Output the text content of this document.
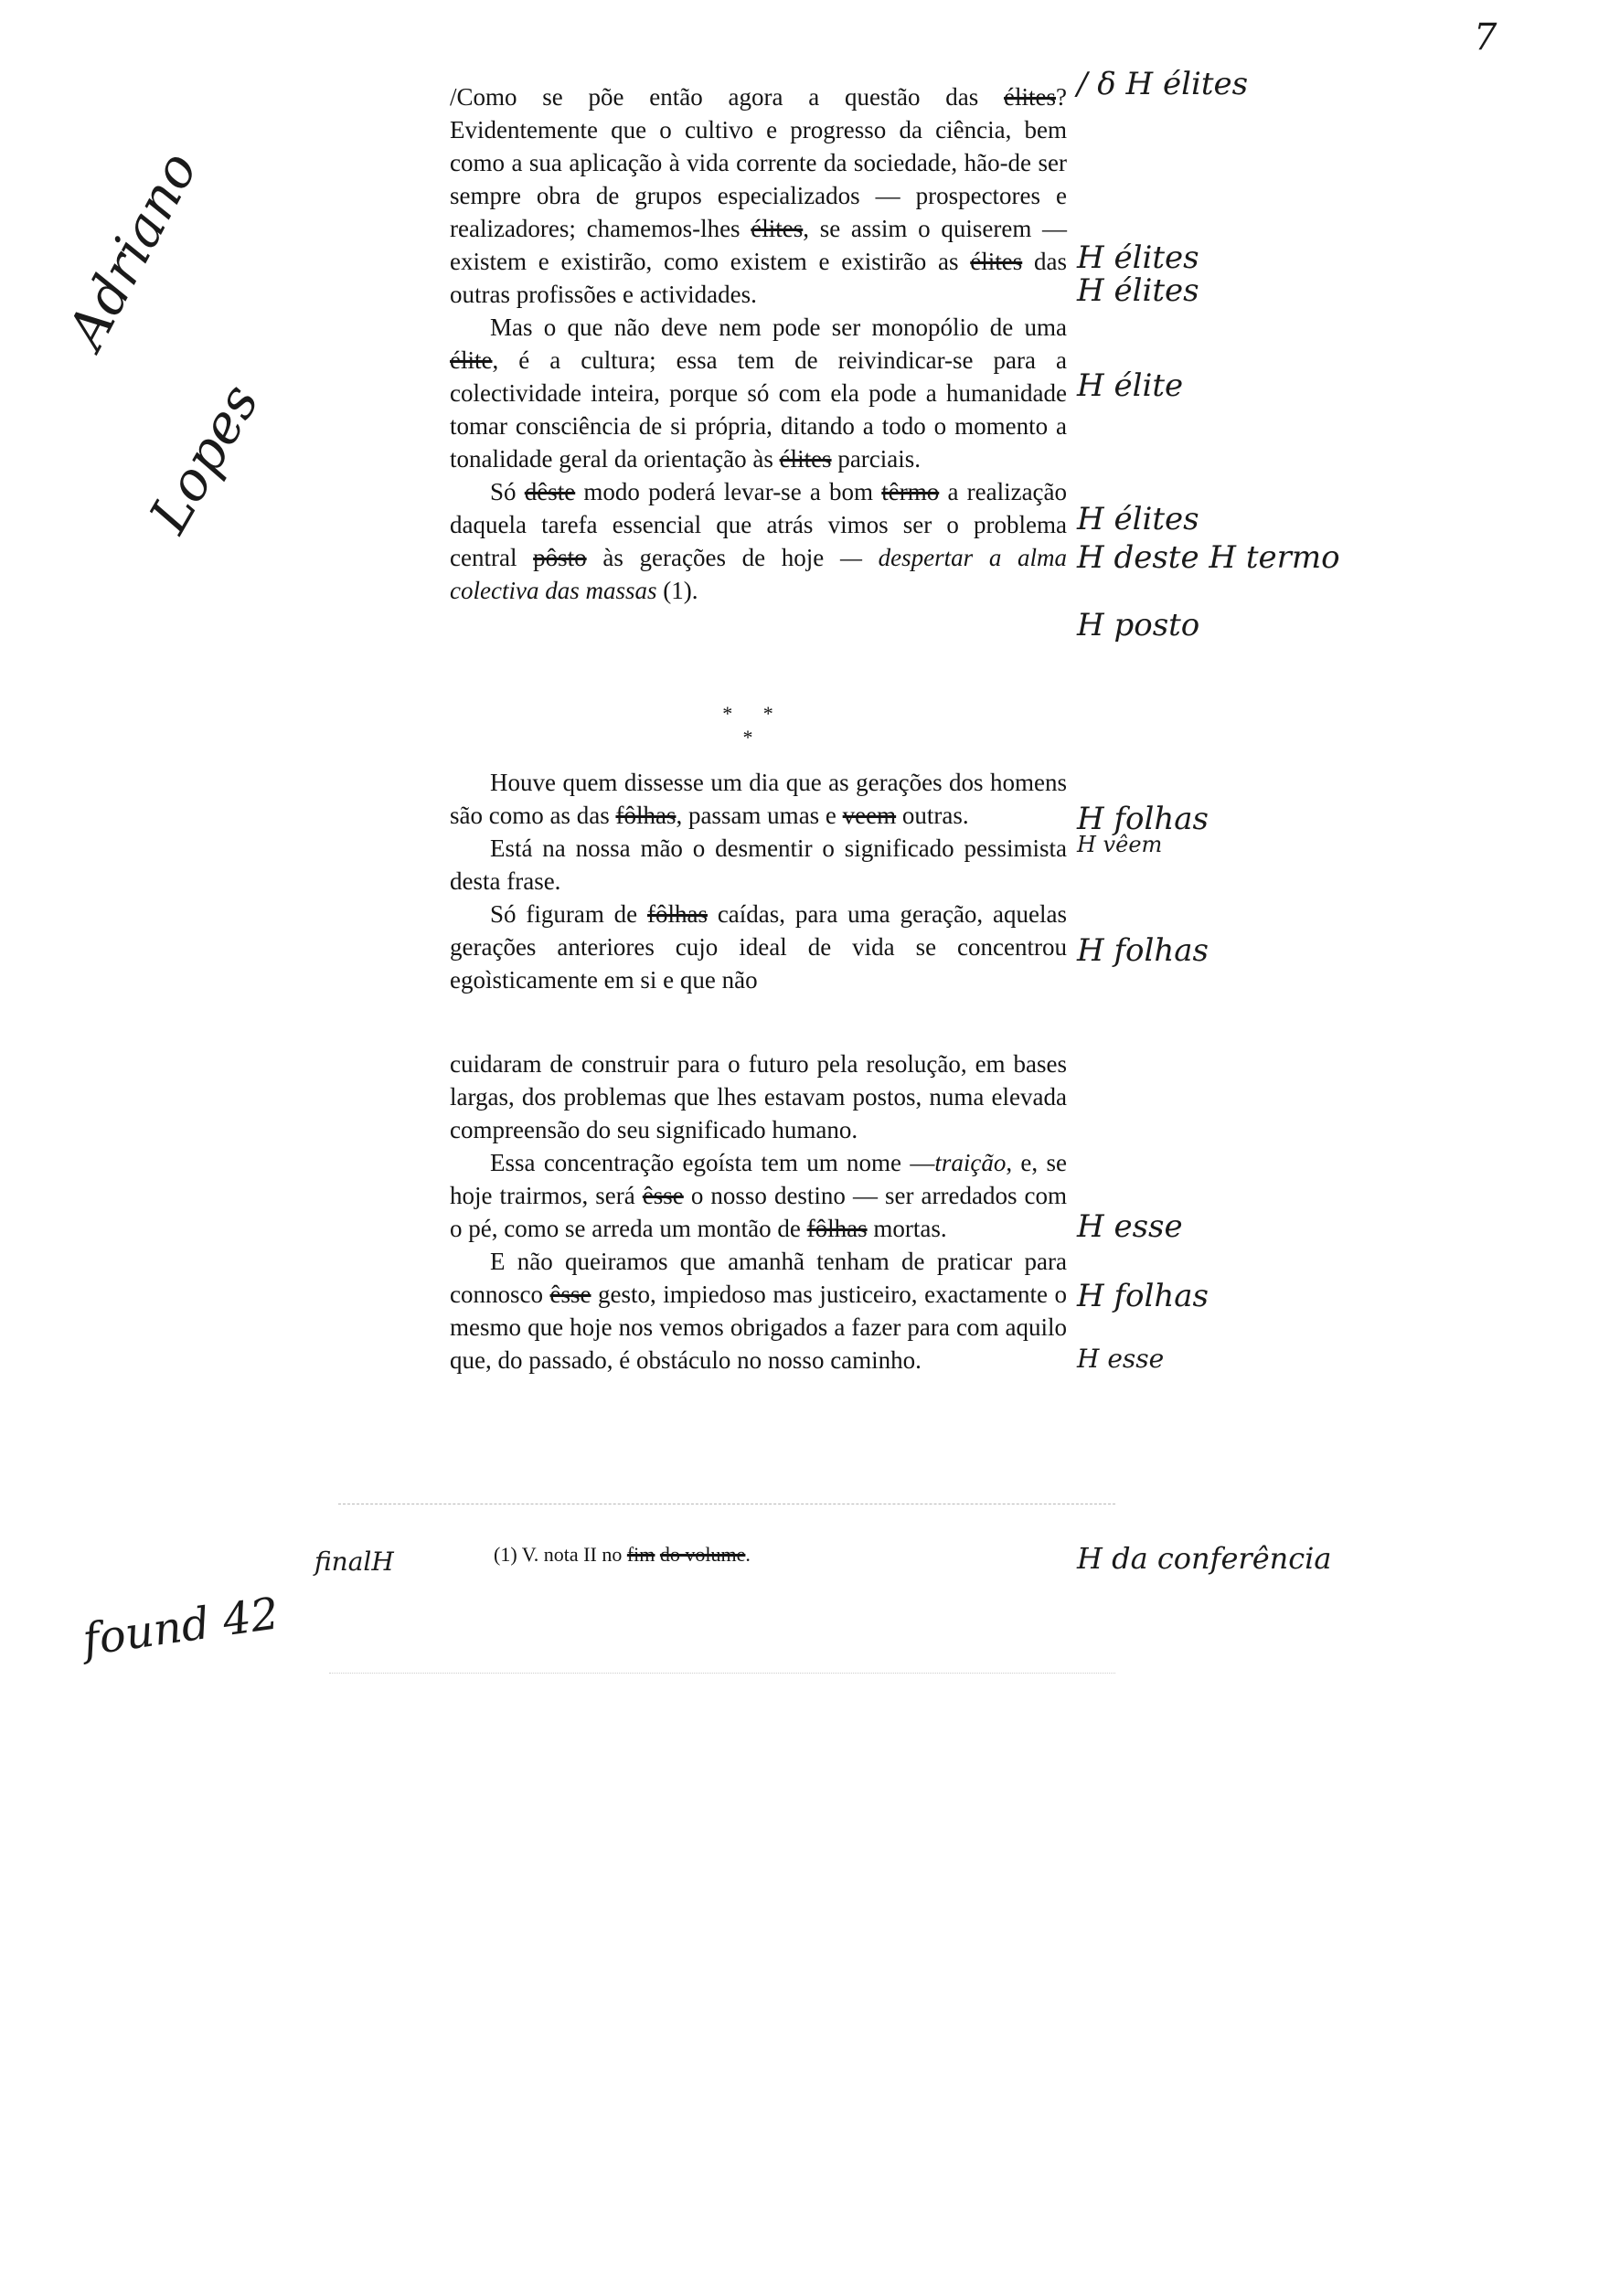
7
Adriano
Lopes

/Como se põe então agora a questão das élites? Evidentemente que o cultivo e progresso da ciência, bem como a sua aplicação à vida corrente da sociedade, hão-de ser sempre obra de grupos especializados — prospectores e realizadores; chamemos-lhes élites, se assim o quiserem — existem e existirão, como existem e existirão as élites das outras profissões e actividades.

Mas o que não deve nem pode ser monopólio de uma élite, é a cultura; essa tem de reivindicar-se para a colectividade inteira, porque só com ela pode a humanidade tomar consciência de si própria, ditando a todo o momento a tonalidade geral da orientação às élites parciais.

Só dêste modo poderá levar-se a bom têrmo a realização daquela tarefa essencial que atrás vimos ser o problema central pôsto às gerações de hoje — despertar a alma colectiva das massas (1).

* * *

Houve quem dissesse um dia que as gerações dos homens são como as das fôlhas, passam umas e veem outras.

Está na nossa mão o desmentir o significado pessimista desta frase.

Só figuram de fôlhas caídas, para uma geração, aquelas gerações anteriores cujo ideal de vida se concentrou egoìsticamente em si e que não

cuidaram de construir para o futuro pela resolução, em bases largas, dos problemas que lhes estavam postos, numa elevada compreensão do seu significado humano.

Essa concentração egoísta tem um nome —traição, e, se hoje trairmos, será êsse o nosso destino — ser arredados com o pé, como se arreda um montão de fôlhas mortas.

E não queiramos que amanhã tenham de praticar para connosco êsse gesto, impiedoso mas justiceiro, exactamente o mesmo que hoje nos vemos obrigados a fazer para com aquilo que, do passado, é obstáculo no nosso caminho.

(1) V. nota II no fim do volume.
/ δ H élites
H élites
H élites
H élite
H élites
H deste H termo
H posto
H folhas
H vêem
H folhas
H esse
H folhas
H esse
H da conferência
finalH
found 42
